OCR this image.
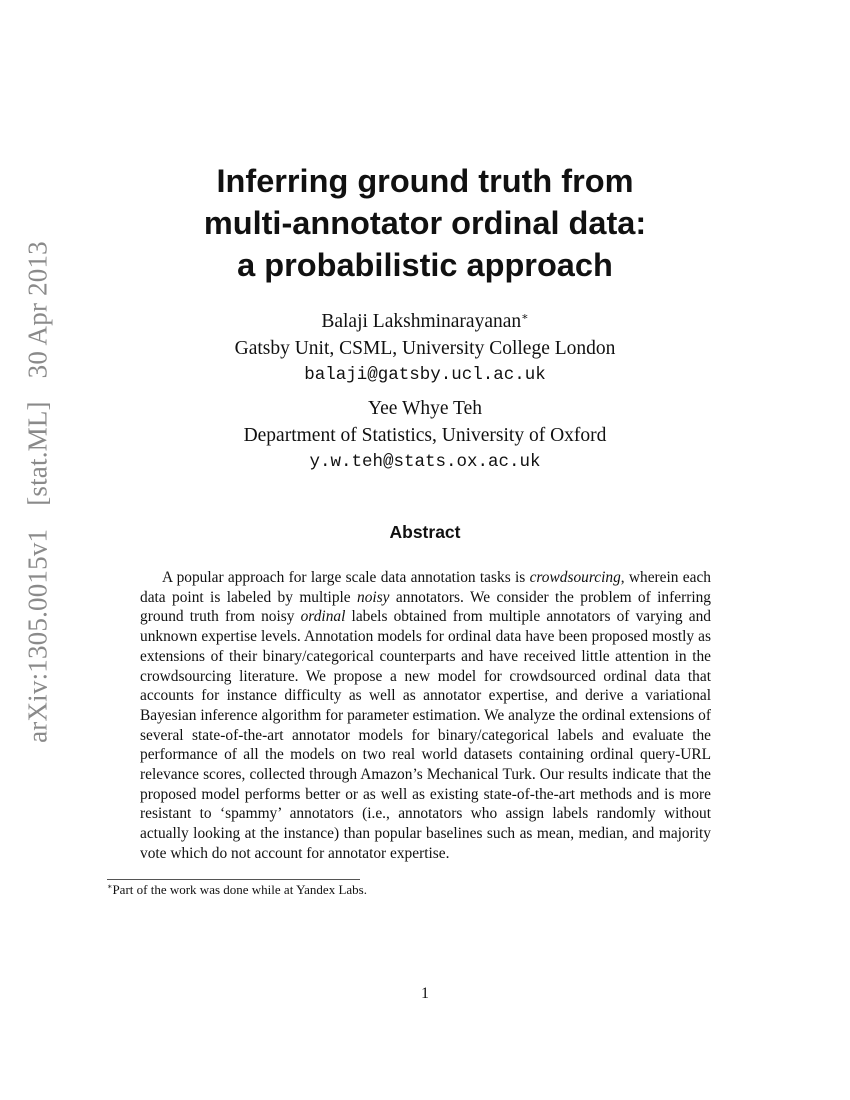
arXiv:1305.0015v1 [stat.ML] 30 Apr 2013
Inferring ground truth from
multi-annotator ordinal data:
a probabilistic approach
Balaji Lakshminarayanan∗
Gatsby Unit, CSML, University College London
balaji@gatsby.ucl.ac.uk
Yee Whye Teh
Department of Statistics, University of Oxford
y.w.teh@stats.ox.ac.uk
Abstract
A popular approach for large scale data annotation tasks is crowdsourcing, wherein each data point is labeled by multiple noisy annotators. We consider the problem of inferring ground truth from noisy ordinal labels obtained from multiple annotators of varying and unknown expertise levels. Annotation models for ordinal data have been proposed mostly as extensions of their binary/categorical counterparts and have received little attention in the crowdsourcing literature. We propose a new model for crowdsourced ordinal data that accounts for instance difficulty as well as annotator expertise, and derive a variational Bayesian inference algorithm for parameter estimation. We analyze the ordinal extensions of several state-of-the-art annotator models for binary/categorical labels and evaluate the performance of all the models on two real world datasets containing ordinal query-URL relevance scores, collected through Amazon’s Mechanical Turk. Our results indicate that the proposed model performs better or as well as existing state-of-the-art methods and is more resistant to ‘spammy’ annotators (i.e., annotators who assign labels randomly without actually looking at the instance) than popular baselines such as mean, median, and majority vote which do not account for annotator expertise.
∗Part of the work was done while at Yandex Labs.
1
